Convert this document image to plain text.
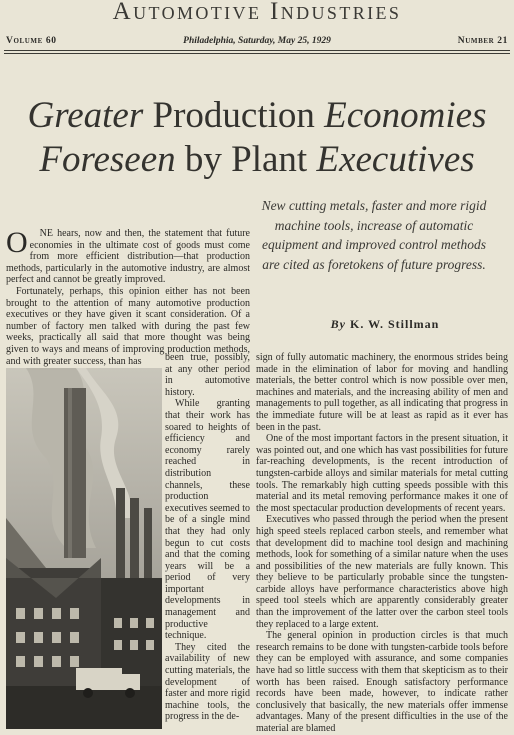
Automotive Industries
Volume 60	Philadelphia, Saturday, May 25, 1929	Number 21
Greater Production Economies
Foreseen by Plant Executives
New cutting metals, faster and more rigid machine tools, increase of automatic equipment and improved control methods are cited as foretokens of future progress.
By K. W. Stillman

O NE hears, now and then, the statement that future economies in the ultimate cost of goods must come from more efficient distribution—that production methods, particularly in the automotive industry, are almost perfect and cannot be greatly improved.

Fortunately, perhaps, this opinion either has not been brought to the attention of many automotive production executives or they have given it scant consideration. Of a number of factory men talked with during the past few weeks, practically all said that more thought was being given to ways and means of improving production methods, and with greater success, than has	been true, possibly, at any other period in automotive history.

While granting that their work has soared to heights of efficiency and economy rarely reached in distribution channels, these production executives seemed to be of a single mind that they had only begun to cut costs and that the coming years will be a period of very important developments in management and productive technique.

They cited the availability of new cutting materials, the development of faster and more rigid machine tools, the progress in the de-

sign of fully automatic machinery, the enormous strides being made in the elimination of labor for moving and handling materials, the better control which is now possible over men, machines and materials, and the increasing ability of men and managements to pull together, as all indicating that progress in the immediate future will be at least as rapid as it ever has been in the past.

One of the most important factors in the present situation, it was pointed out, and one which has vast possibilities for future far-reaching developments, is the recent introduction of tungsten-carbide alloys and similar materials for metal cutting tools. The remarkably high cutting speeds possible with this material and its metal removing performance makes it one of the most spectacular production developments of recent years.

Executives who passed through the period when the present high speed steels replaced carbon steels, and remember what that development did to machine tool design and machining methods, look for something of a similar nature when the uses and possibilities of the new materials are fully known. This they believe to be particularly probable since the tungsten-carbide alloys have performance characteristics above high speed tool steels which are apparently considerably greater than the improvement of the latter over the carbon steel tools they replaced to a large extent.

The general opinion in production circles is that much research remains to be done with tungsten-carbide tools before they can be employed with assurance, and some companies have had so little success with them that skepticism as to their worth has been raised. Enough satisfactory performance records have been made, however, to indicate rather conclusively that basically, the new materials offer immense advantages. Many of the present difficulties in the use of the material are blamed
